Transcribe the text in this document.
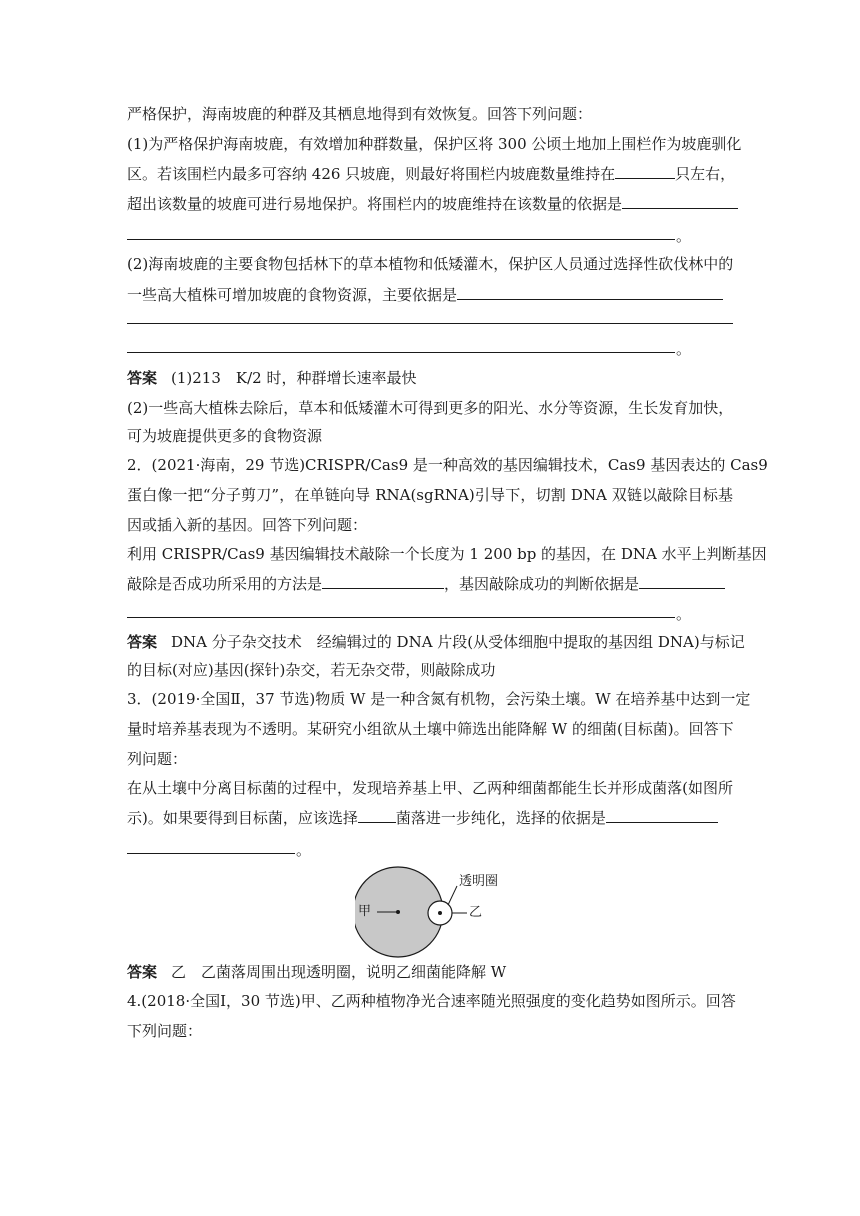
严格保护，海南坡鹿的种群及其栖息地得到有效恢复。回答下列问题：
(1)为严格保护海南坡鹿，有效增加种群数量，保护区将 300 公顷土地加上围栏作为坡鹿驯化
区。若该围栏内最多可容纳 426 只坡鹿，则最好将围栏内坡鹿数量维持在	只左右，
超出该数量的坡鹿可进行易地保护。将围栏内的坡鹿维持在该数量的依据是
。
(2)海南坡鹿的主要食物包括林下的草本植物和低矮灌木，保护区人员通过选择性砍伐林中的
一些高大植株可增加坡鹿的食物资源，主要依据是
。
答案 (1)213　K/2 时，种群增长速率最快
(2)一些高大植株去除后，草本和低矮灌木可得到更多的阳光、水分等资源，生长发育加快，
可为坡鹿提供更多的食物资源
2．(2021·海南，29 节选)CRISPR/Cas9 是一种高效的基因编辑技术，Cas9 基因表达的 Cas9
蛋白像一把“分子剪刀”，在单链向导 RNA(sgRNA)引导下，切割 DNA 双链以敲除目标基
因或插入新的基因。回答下列问题：
利用 CRISPR/Cas9 基因编辑技术敲除一个长度为 1 200 bp 的基因，在 DNA 水平上判断基因
敲除是否成功所采用的方法是	，基因敲除成功的判断依据是
。
答案 DNA 分子杂交技术　经编辑过的 DNA 片段(从受体细胞中提取的基因组 DNA)与标记
的目标(对应)基因(探针)杂交，若无杂交带，则敲除成功
3．(2019·全国Ⅱ，37 节选)物质 W 是一种含氮有机物，会污染土壤。W 在培养基中达到一定
量时培养基表现为不透明。某研究小组欲从土壤中筛选出能降解 W 的细菌(目标菌)。回答下
列问题：
在从土壤中分离目标菌的过程中，发现培养基上甲、乙两种细菌都能生长并形成菌落(如图所
示)。如果要得到目标菌，应该选择	菌落进一步纯化，选择的依据是
。
甲	乙
透明圈
答案 乙　乙菌落周围出现透明圈，说明乙细菌能降解 W
4.(2018·全国Ⅰ，30 节选)甲、乙两种植物净光合速率随光照强度的变化趋势如图所示。回答
下列问题：
